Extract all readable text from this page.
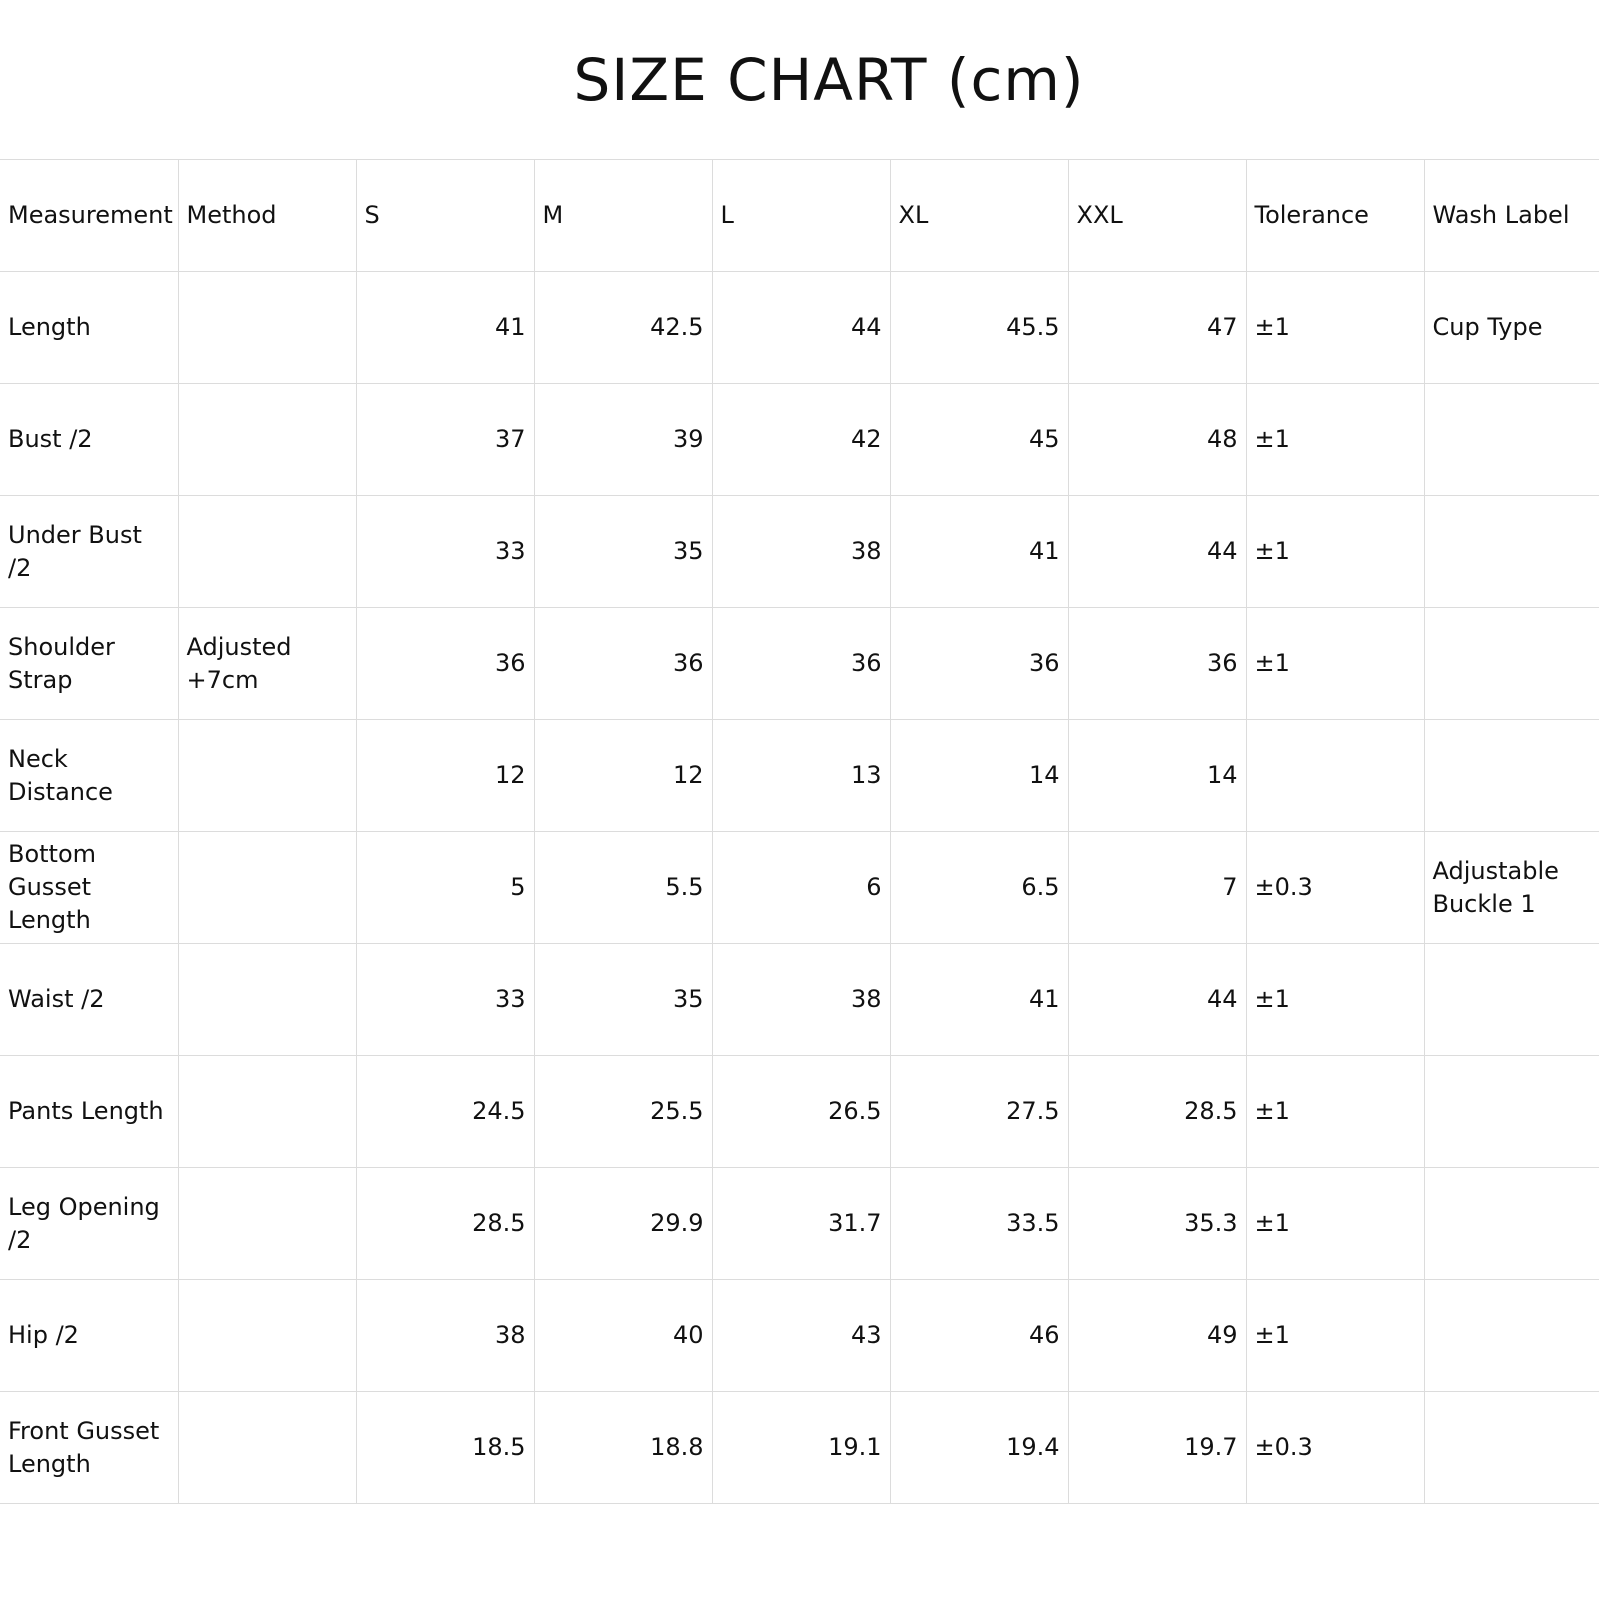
SIZE CHART (cm)
Measurement	Method	S	M	L	XL	XXL	Tolerance	Wash Label
Length		41	42.5	44	45.5	47	±1	Cup Type
Bust /2		37	39	42	45	48	±1	
Under Bust /2		33	35	38	41	44	±1	
Shoulder Strap	Adjusted +7cm	36	36	36	36	36	±1	
Neck Distance		12	12	13	14	14		
Bottom Gusset Length		5	5.5	6	6.5	7	±0.3	Adjustable Buckle 1
Waist /2		33	35	38	41	44	±1	
Pants Length		24.5	25.5	26.5	27.5	28.5	±1	
Leg Opening /2		28.5	29.9	31.7	33.5	35.3	±1	
Hip /2		38	40	43	46	49	±1	
Front Gusset Length		18.5	18.8	19.1	19.4	19.7	±0.3	
